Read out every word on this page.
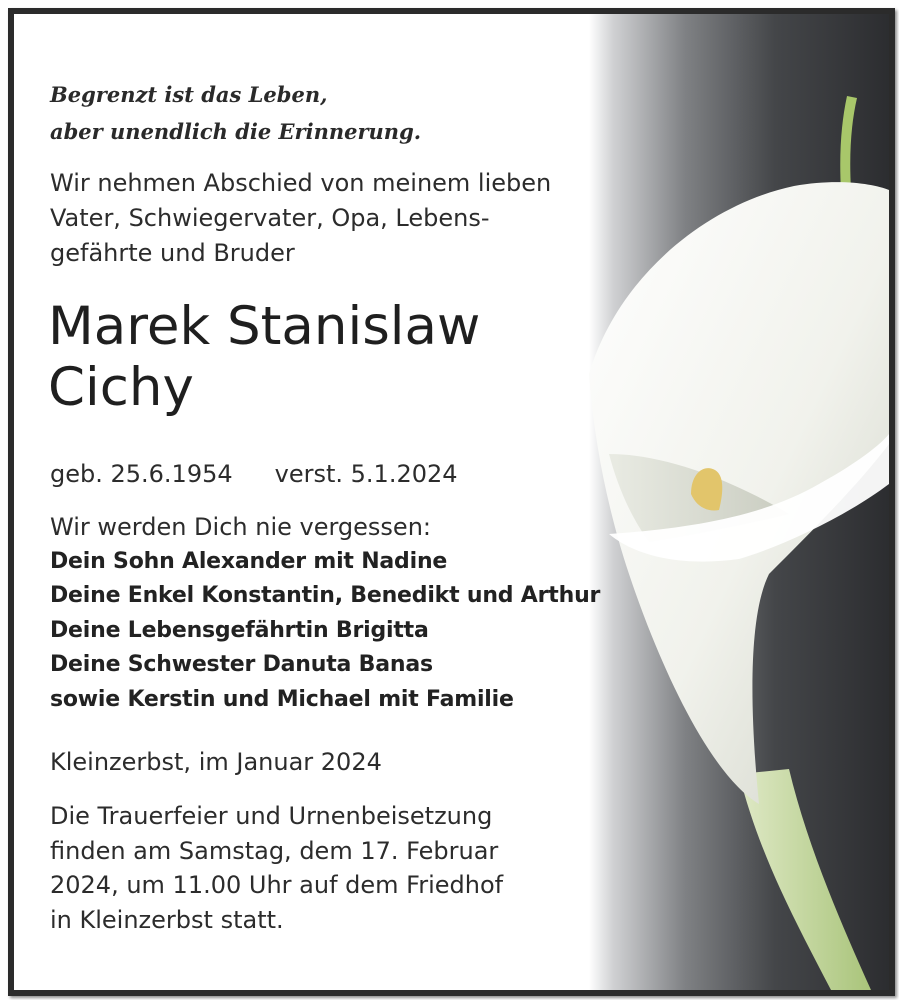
Begrenzt ist das Leben,
aber unendlich die Erinnerung.
Wir nehmen Abschied von meinem lieben
Vater, Schwiegervater, Opa, Lebens-
gefährte und Bruder
Marek Stanislaw
Cichy
geb. 25.6.1954 verst. 5.1.2024
Wir werden Dich nie vergessen:
Dein Sohn Alexander mit Nadine
Deine Enkel Konstantin, Benedikt und Arthur
Deine Lebensgefährtin Brigitta
Deine Schwester Danuta Banas
sowie Kerstin und Michael mit Familie
Kleinzerbst, im Januar 2024
Die Trauerfeier und Urnenbeisetzung
finden am Samstag, dem 17. Februar
2024, um 11.00 Uhr auf dem Friedhof
in Kleinzerbst statt.
